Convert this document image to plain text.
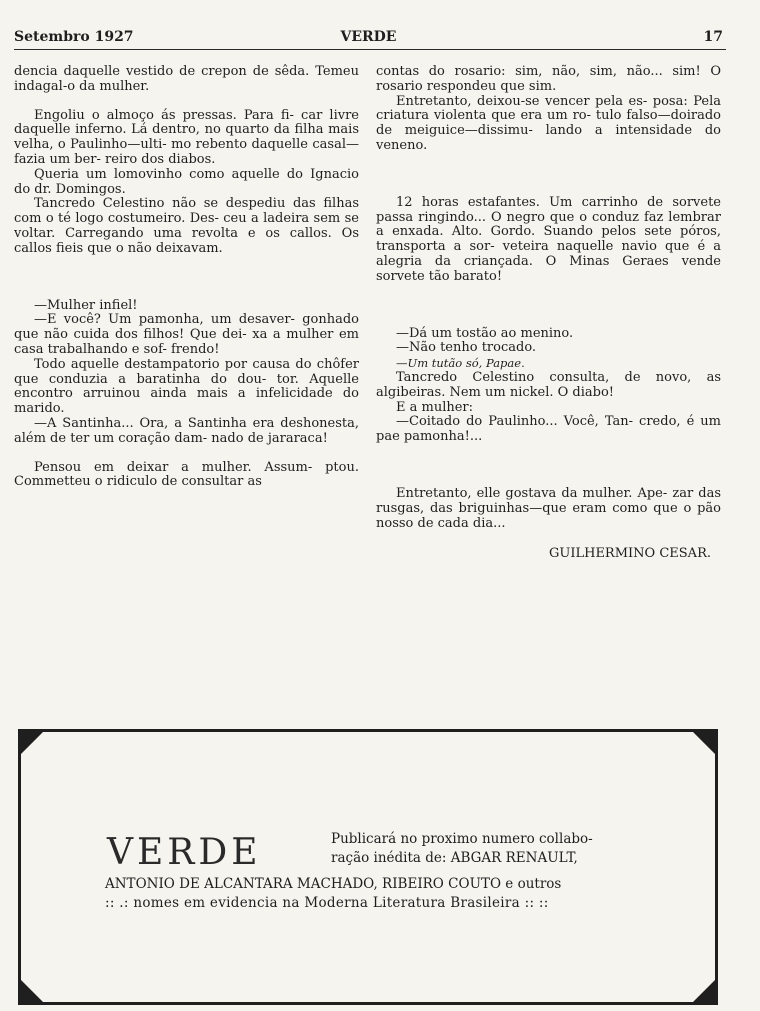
Setembro 1927	VERDE	17

dencia daquelle vestido de crepon de sêda. Temeu indagal-o da mulher.

Engoliu o almoço ás pressas. Para fi- car livre daquelle inferno. Lá dentro, no quarto da filha mais velha, o Paulinho—ulti- mo rebento daquelle casal—fazia um ber- reiro dos diabos.

Queria um lomovinho como aquelle do Ignacio do dr. Domingos.

Tancredo Celestino não se despediu das filhas com o té logo costumeiro. Des- ceu a ladeira sem se voltar. Carregando uma revolta e os callos. Os callos fieis que o não deixavam.

—Mulher infiel!

—E você? Um pamonha, um desaver- gonhado que não cuida dos filhos! Que dei- xa a mulher em casa trabalhando e sof- frendo!

Todo aquelle destampatorio por causa do chôfer que conduzia a baratinha do dou- tor. Aquelle encontro arruinou ainda mais a infelicidade do marido.

—A Santinha... Ora, a Santinha era deshonesta, além de ter um coração dam- nado de jararaca!

Pensou em deixar a mulher. Assum- ptou. Commetteu o ridiculo de consultar as

contas do rosario: sim, não, sim, não... sim! O rosario respondeu que sim.

Entretanto, deixou-se vencer pela es- posa: Pela criatura violenta que era um ro- tulo falso—doirado de meiguice—dissimu- lando a intensidade do veneno.

12 horas estafantes. Um carrinho de sorvete passa ringindo... O negro que o conduz faz lembrar a enxada. Alto. Gordo. Suando pelos sete póros, transporta a sor- veteira naquelle navio que é a alegria da criançada. O Minas Geraes vende sorvete tão barato!

—Dá um tostão ao menino.

—Não tenho trocado.

—Um tutão só, Papae.

Tancredo Celestino consulta, de novo, as algibeiras. Nem um nickel. O diabo!

E a mulher:

—Coitado do Paulinho... Você, Tan- credo, é um pae pamonha!...

Entretanto, elle gostava da mulher. Ape- zar das rusgas, das briguinhas—que eram como que o pão nosso de cada dia...

GUILHERMINO CESAR.

VERDE	Publicará no proximo numero collabo-
ração inédita de: ABGAR RENAULT,
ANTONIO DE ALCANTARA MACHADO, RIBEIRO COUTO e outros
:: .: nomes em evidencia na Moderna Literatura Brasileira :: ::
